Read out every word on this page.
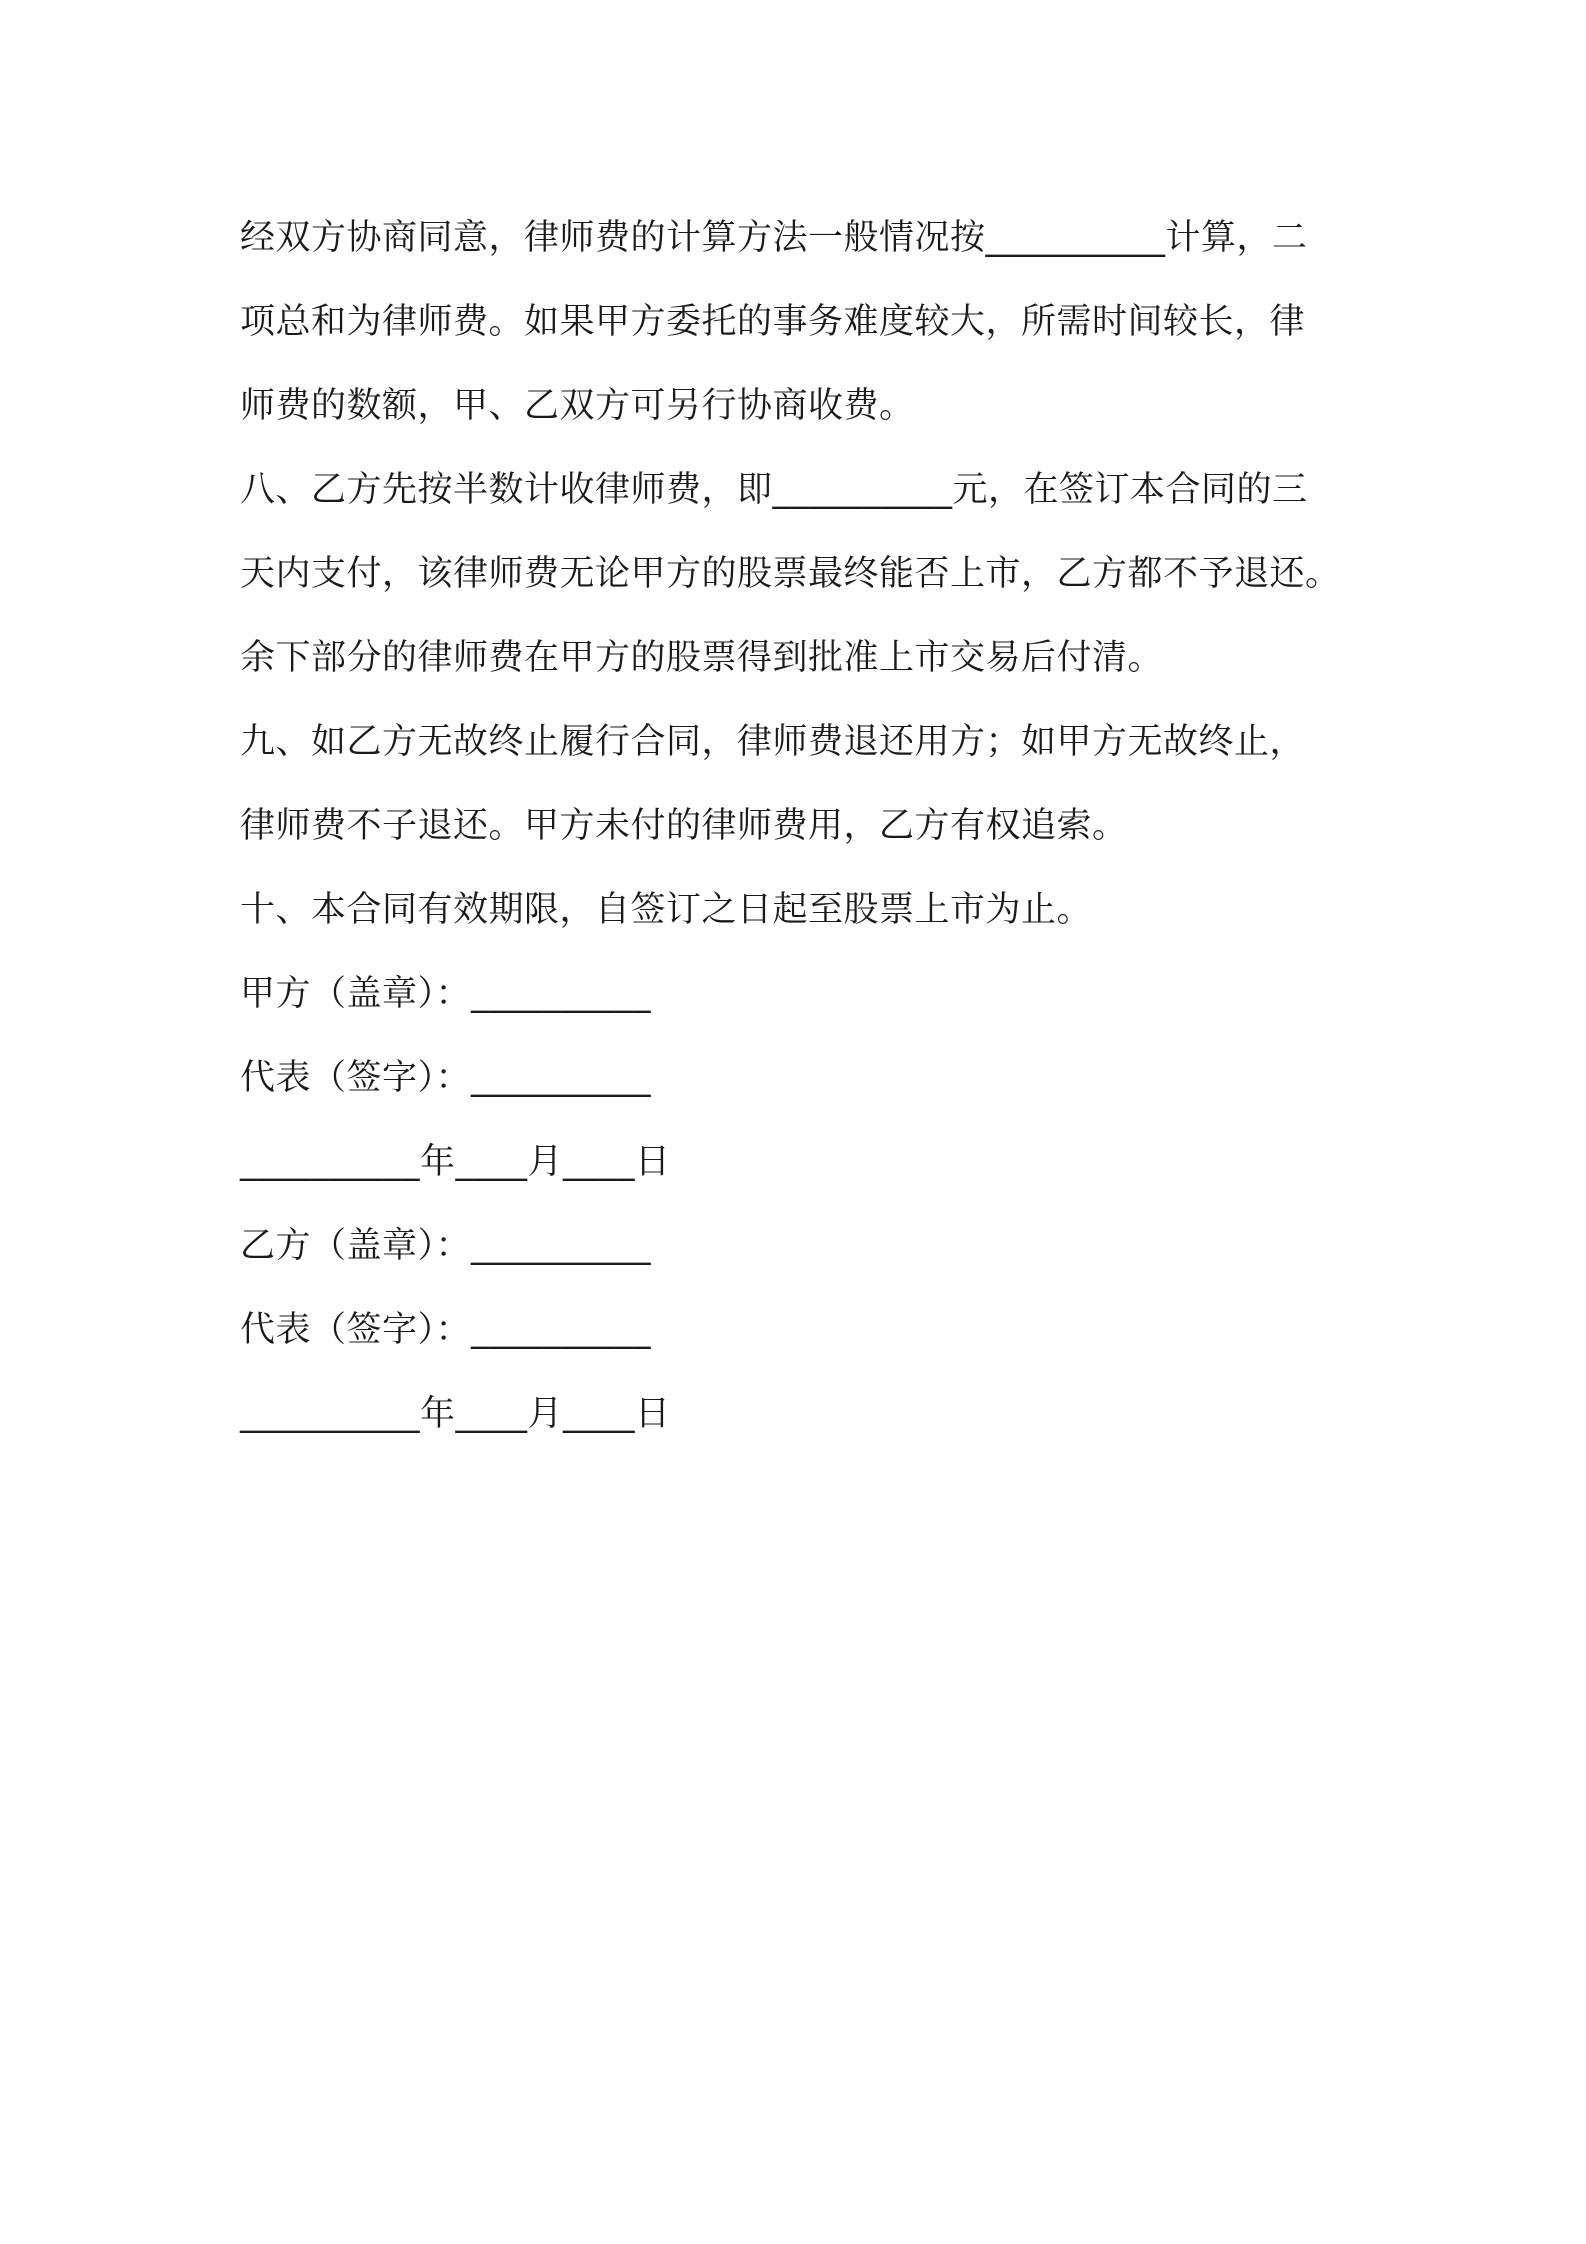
经双方协商同意，律师费的计算方法一般情况按__________计算，二
项总和为律师费。如果甲方委托的事务难度较大，所需时间较长，律
师费的数额，甲、乙双方可另行协商收费。
八、乙方先按半数计收律师费，即__________元，在签订本合同的三
天内支付，该律师费无论甲方的股票最终能否上市，乙方都不予退还。
余下部分的律师费在甲方的股票得到批准上市交易后付清。
九、如乙方无故终止履行合同，律师费退还用方；如甲方无故终止，
律师费不子退还。甲方未付的律师费用，乙方有权追索。
十、本合同有效期限，自签订之日起至股票上市为止。
甲方（盖章）：__________
代表（签字）：__________
__________年____月____日
乙方（盖章）：__________
代表（签字）：__________
__________年____月____日
